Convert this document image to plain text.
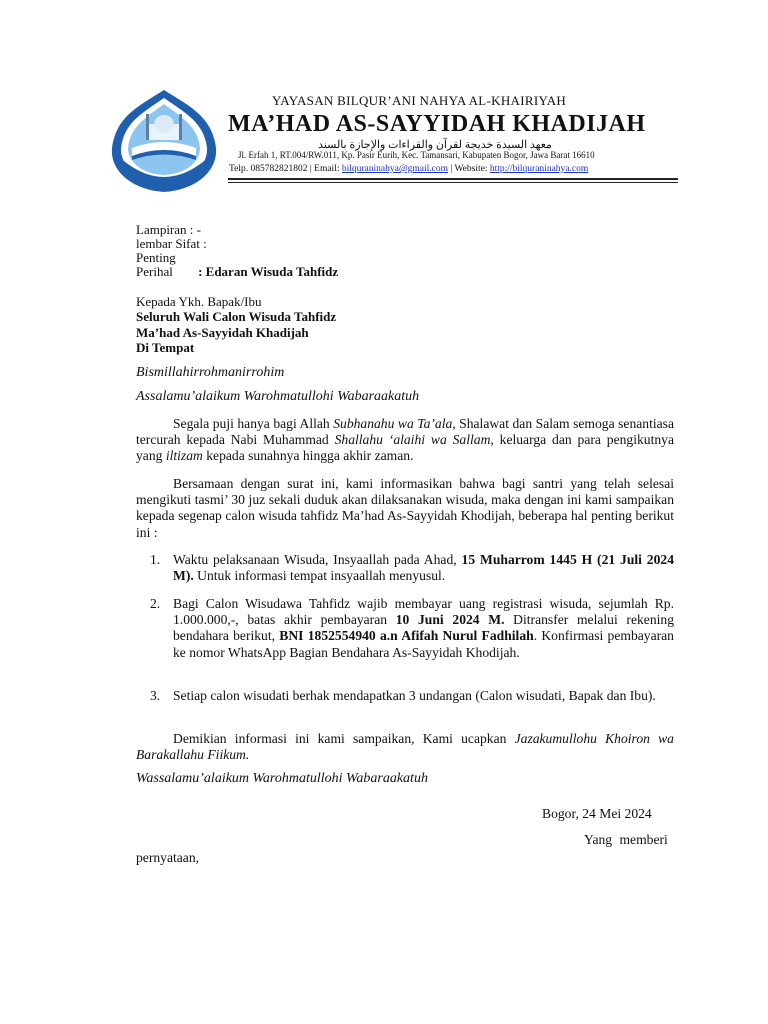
YAYASAN BILQUR’ANI NAHYA AL-KHAIRIYAH
MA’HAD AS-SAYYIDAH KHADIJAH
معهد السيدة خديجة لقرآن والقراءات والإجازة بالسند
Jl. Erfah 1, RT.004/RW.011, Kp. Pasir Eurih, Kec. Tamansari, Kabupaten Bogor, Jawa Barat 16610
Telp. 085782821802 | Email: bilquraninahya@gmail.com | Website: http://bilquraninahya.com
Lampiran : -
lembar Sifat :
Penting
Perihal : Edaran Wisuda Tahfidz
Kepada Ykh. Bapak/Ibu
Seluruh Wali Calon Wisuda Tahfidz
Ma’had As-Sayyidah Khadijah
Di Tempat
Bismillahirrohmanirrohim
Assalamu’alaikum Warohmatullohi Wabaraakatuh
Segala puji hanya bagi Allah Subhanahu wa Ta’ala, Shalawat dan Salam semoga senantiasa tercurah kepada Nabi Muhammad Shallahu ‘alaihi wa Sallam, keluarga dan para pengikutnya yang iltizam kepada sunahnya hingga akhir zaman.
Bersamaan dengan surat ini, kami informasikan bahwa bagi santri yang telah selesai mengikuti tasmi’ 30 juz sekali duduk akan dilaksanakan wisuda, maka dengan ini kami sampaikan kepada segenap calon wisuda tahfidz Ma’had As-Sayyidah Khodijah, beberapa hal penting berikut ini :
1. Waktu pelaksanaan Wisuda, Insyaallah pada Ahad, 15 Muharrom 1445 H (21 Juli 2024 M). Untuk informasi tempat insyaallah menyusul.
2. Bagi Calon Wisudawa Tahfidz wajib membayar uang registrasi wisuda, sejumlah Rp. 1.000.000,-, batas akhir pembayaran 10 Juni 2024 M. Ditransfer melalui rekening bendahara berikut, BNI 1852554940 a.n Afifah Nurul Fadhilah. Konfirmasi pembayaran ke nomor WhatsApp Bagian Bendahara As-Sayyidah Khodijah.
3. Setiap calon wisudati berhak mendapatkan 3 undangan (Calon wisudati, Bapak dan Ibu).
Demikian informasi ini kami sampaikan, Kami ucapkan Jazakumullohu Khoiron wa Barakallahu Fiikum.
Wassalamu’alaikum Warohmatullohi Wabaraakatuh
Bogor, 24 Mei 2024
Yang memberi
pernyataan,
